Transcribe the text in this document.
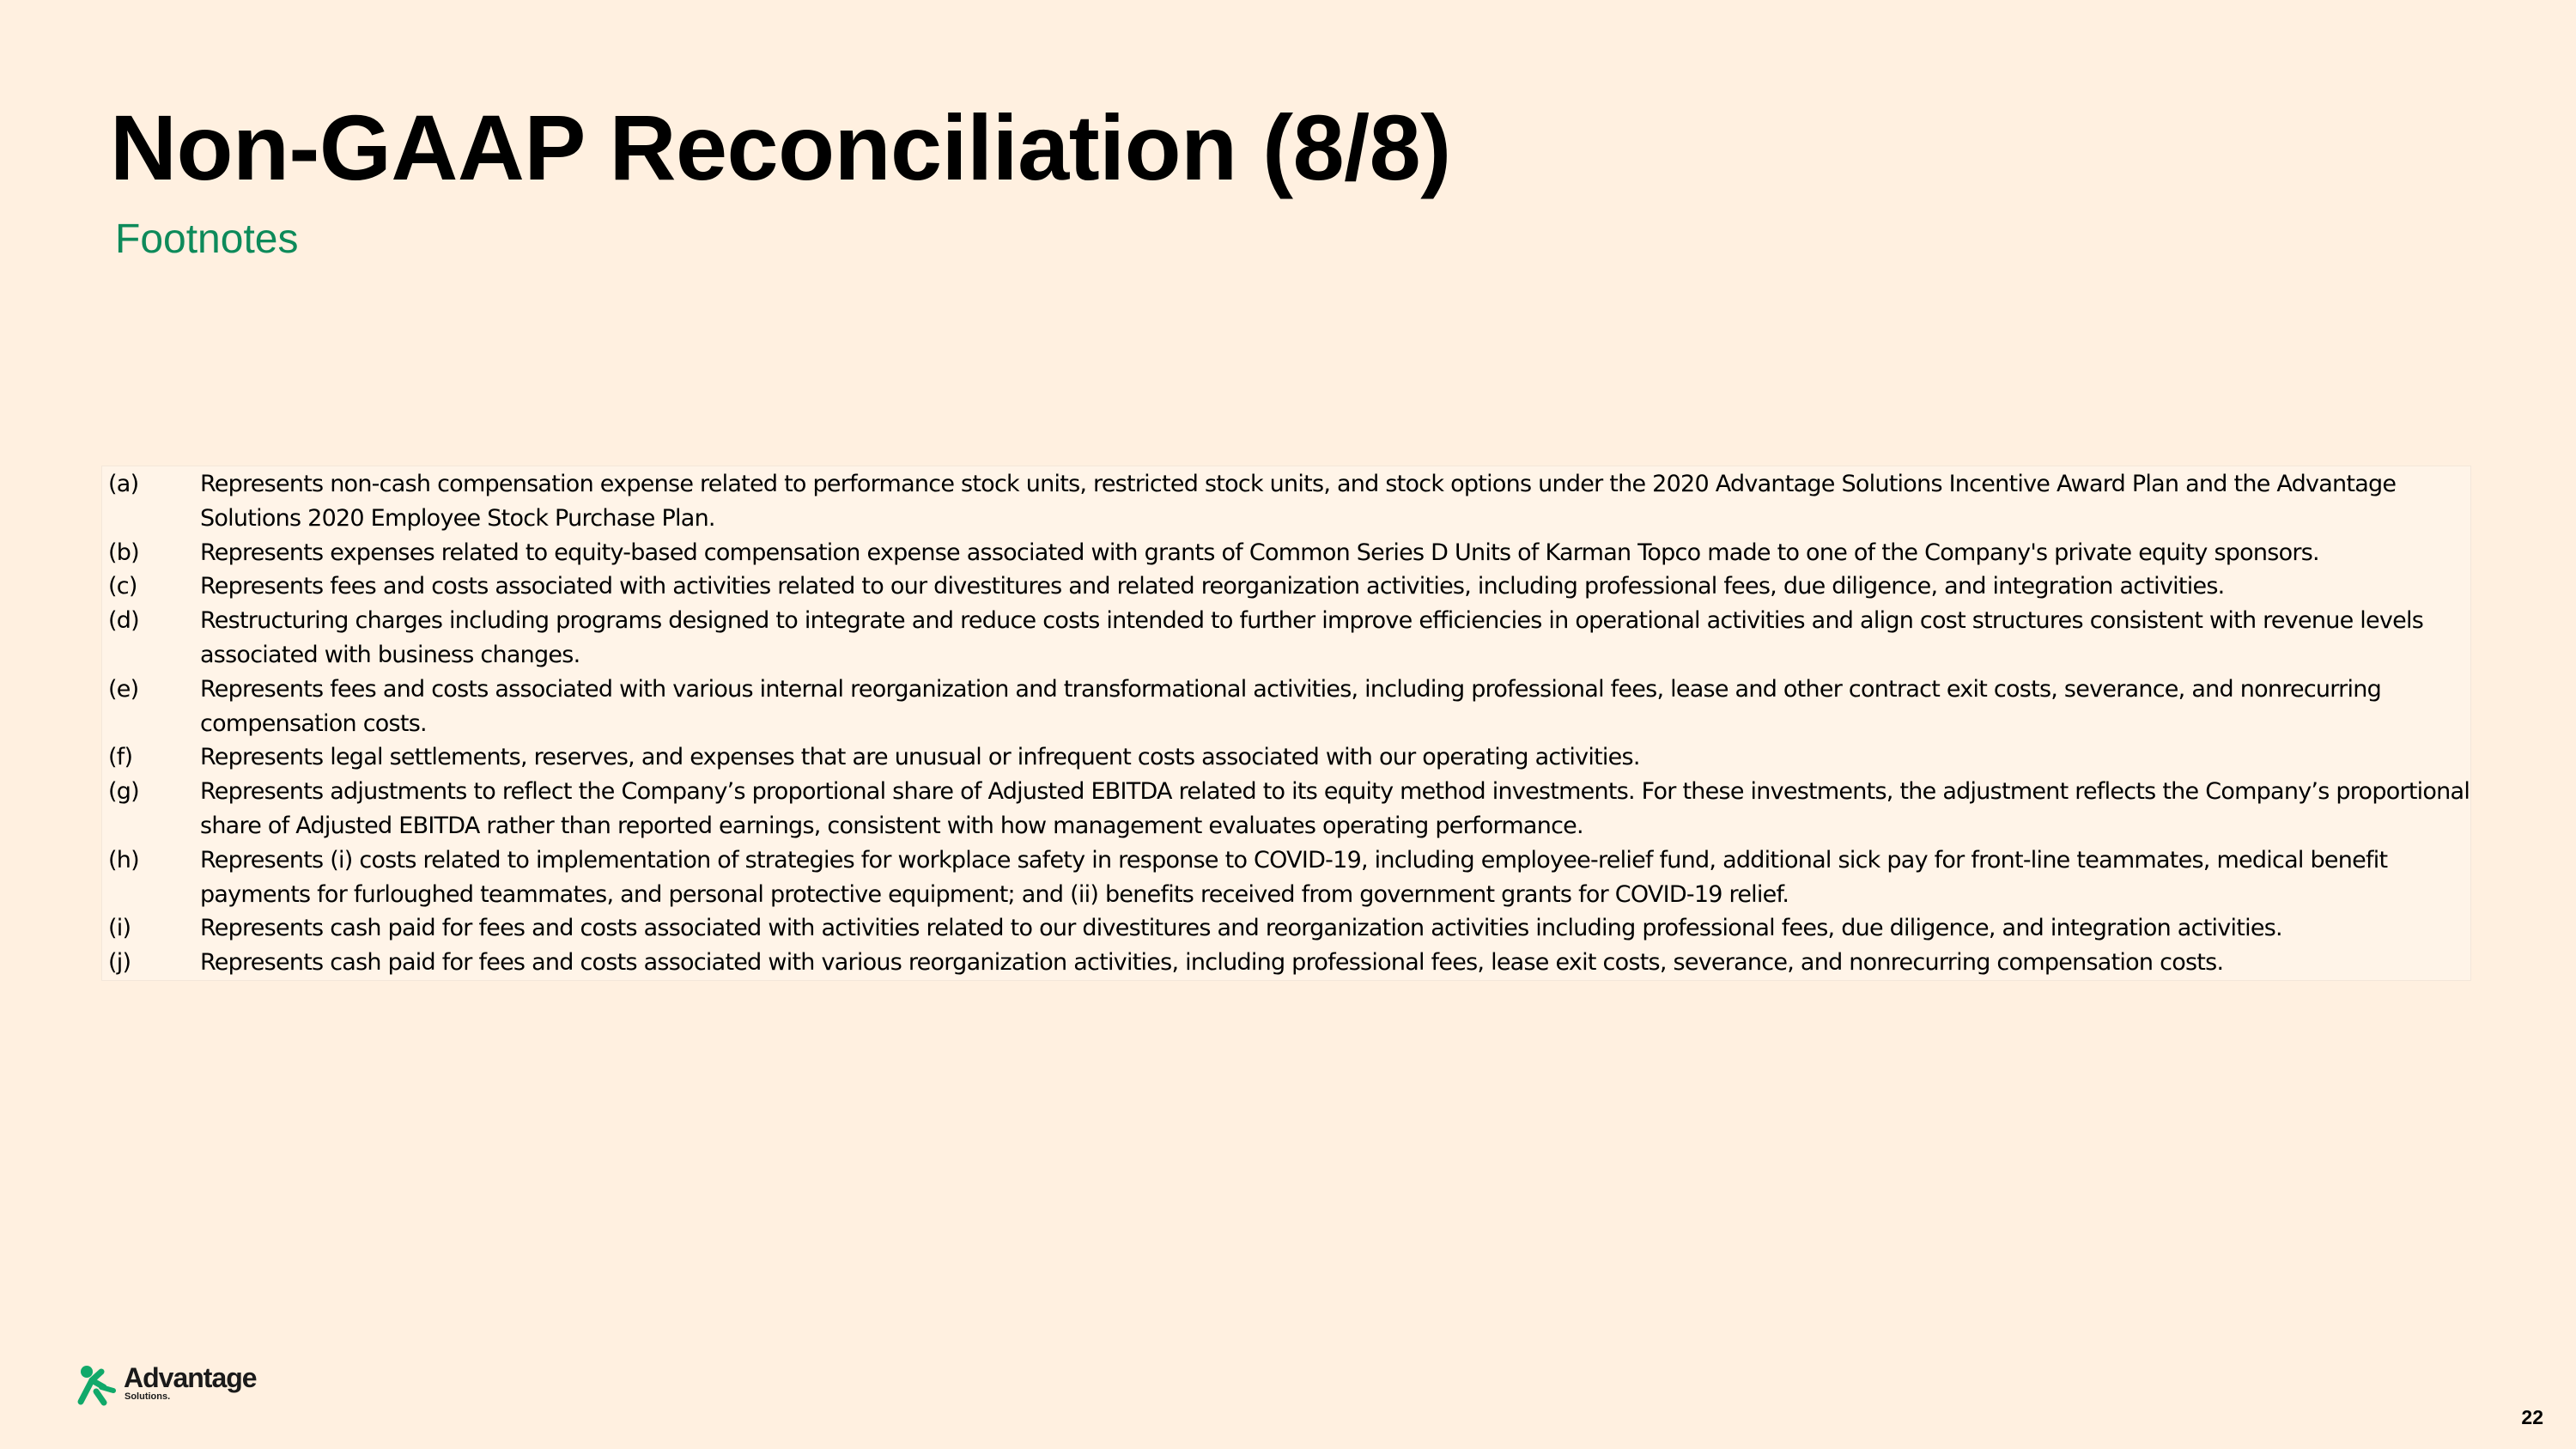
Non-GAAP Reconciliation (8/8)
Footnotes
(a)	Represents non-cash compensation expense related to performance stock units, restricted stock units, and stock options under the 2020 Advantage Solutions Incentive Award Plan and the Advantage Solutions 2020 Employee Stock Purchase Plan.
(b)	Represents expenses related to equity-based compensation expense associated with grants of Common Series D Units of Karman Topco made to one of the Company's private equity sponsors.
(c)	Represents fees and costs associated with activities related to our divestitures and related reorganization activities, including professional fees, due diligence, and integration activities.
(d)	Restructuring charges including programs designed to integrate and reduce costs intended to further improve efficiencies in operational activities and align cost structures consistent with revenue levels associated with business changes.
(e)	Represents fees and costs associated with various internal reorganization and transformational activities, including professional fees, lease and other contract exit costs, severance, and nonrecurring compensation costs.
(f)	Represents legal settlements, reserves, and expenses that are unusual or infrequent costs associated with our operating activities.
(g)	Represents adjustments to reflect the Company’s proportional share of Adjusted EBITDA related to its equity method investments. For these investments, the adjustment reflects the Company’s proportional share of Adjusted EBITDA rather than reported earnings, consistent with how management evaluates operating performance.
(h)	Represents (i) costs related to implementation of strategies for workplace safety in response to COVID-19, including employee-relief fund, additional sick pay for front-line teammates, medical benefit payments for furloughed teammates, and personal protective equipment; and (ii) benefits received from government grants for COVID-19 relief.
(i)	Represents cash paid for fees and costs associated with activities related to our divestitures and reorganization activities including professional fees, due diligence, and integration activities.
(j)	Represents cash paid for fees and costs associated with various reorganization activities, including professional fees, lease exit costs, severance, and nonrecurring compensation costs.
Advantage
Solutions.
22
